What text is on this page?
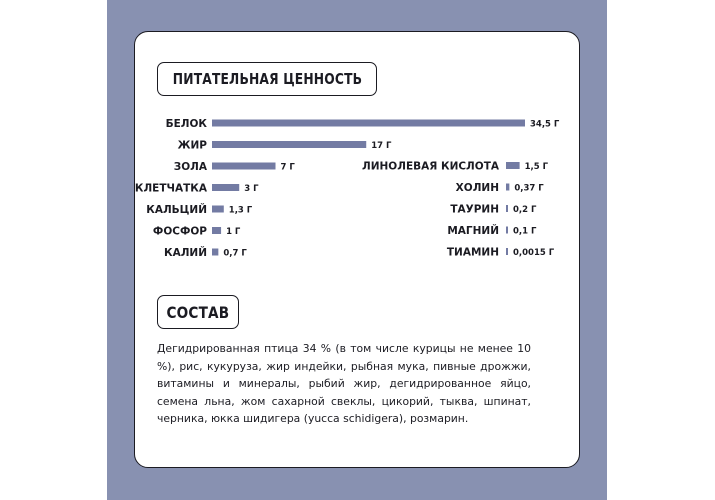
ПИТАТЕЛЬНАЯ ЦЕННОСТЬ
БЕЛОК	34,5 Г
ЖИР	17 Г
ЗОЛА	7 Г
КЛЕТЧАТКА	3 Г
КАЛЬЦИЙ	1,3 Г
ФОСФОР 1 Г
КАЛИЙ 0,7 Г
ЛИНОЛЕВАЯ КИСЛОТА	1,5 Г
ХОЛИН 0,37 Г
ТАУРИН 0,2 Г
МАГНИЙ 0,1 Г
ТИАМИН 0,0015 Г
СОСТАВ
Дегидрированная птица 34 % (в том числе курицы не менее 10 %), рис, кукуруза, жир индейки, рыбная мука, пивные дрожжи, витамины и минералы, рыбий жир, дегидрированное яйцо, семена льна, жом сахарной свеклы, цикорий, тыква, шпинат, черника, юкка шидигера (yucca schidigera), розмарин.
